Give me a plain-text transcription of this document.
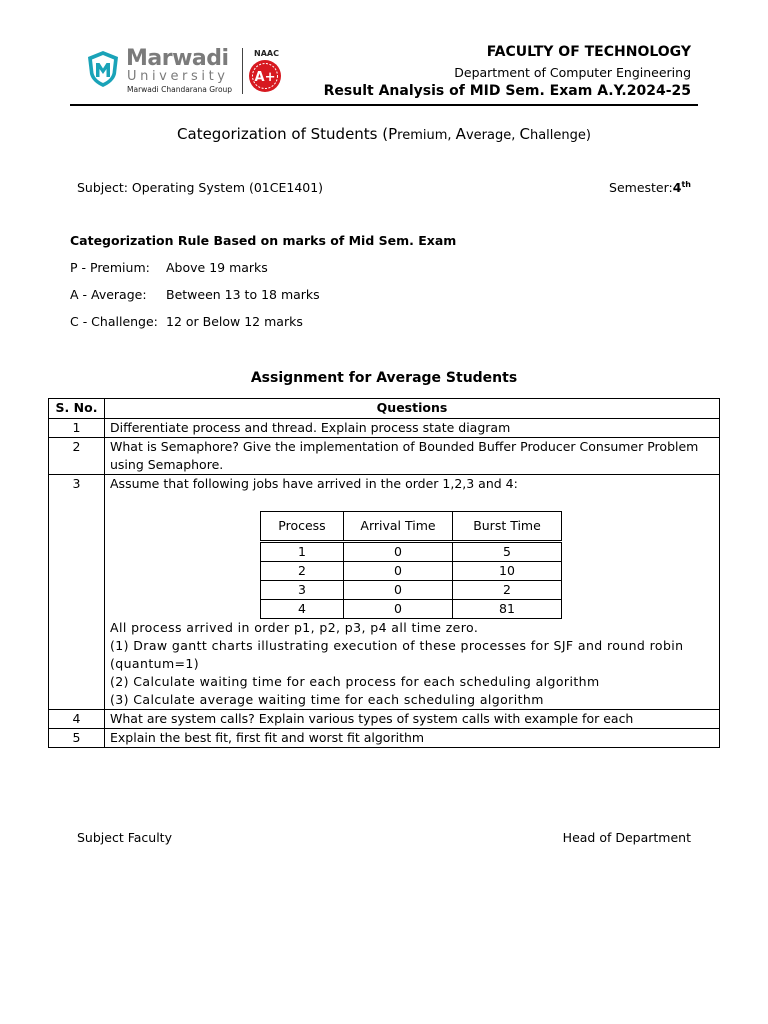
Marwadi
University
Marwadi Chandarana Group
NAAC
A+
FACULTY OF TECHNOLOGY
Department of Computer Engineering
Result Analysis of MID Sem. Exam A.Y.2024-25
Categorization of Students (Premium, Average, Challenge)
Subject: Operating System (01CE1401)	Semester:4th
Categorization Rule Based on marks of Mid Sem. Exam
P - Premium: Above 19 marks
A - Average: Between 13 to 18 marks
C - Challenge: 12 or Below 12 marks
Assignment for Average Students
S. No.	Questions
1	Differentiate process and thread. Explain process state diagram
2	What is Semaphore? Give the implementation of Bounded Buffer Producer Consumer Problem using Semaphore.
3	Assume that following jobs have arrived in the order 1,2,3 and 4:
Process	Arrival Time	Burst Time
1	0	5
2	0	10
3	0	2
4	0	81
All process arrived in order p1, p2, p3, p4 all time zero.
(1) Draw gantt charts illustrating execution of these processes for SJF and round robin (quantum=1)
(2) Calculate waiting time for each process for each scheduling algorithm
(3) Calculate average waiting time for each scheduling algorithm

4	What are system calls? Explain various types of system calls with example for each
5	Explain the best fit, first fit and worst fit algorithm
Subject Faculty	Head of Department
